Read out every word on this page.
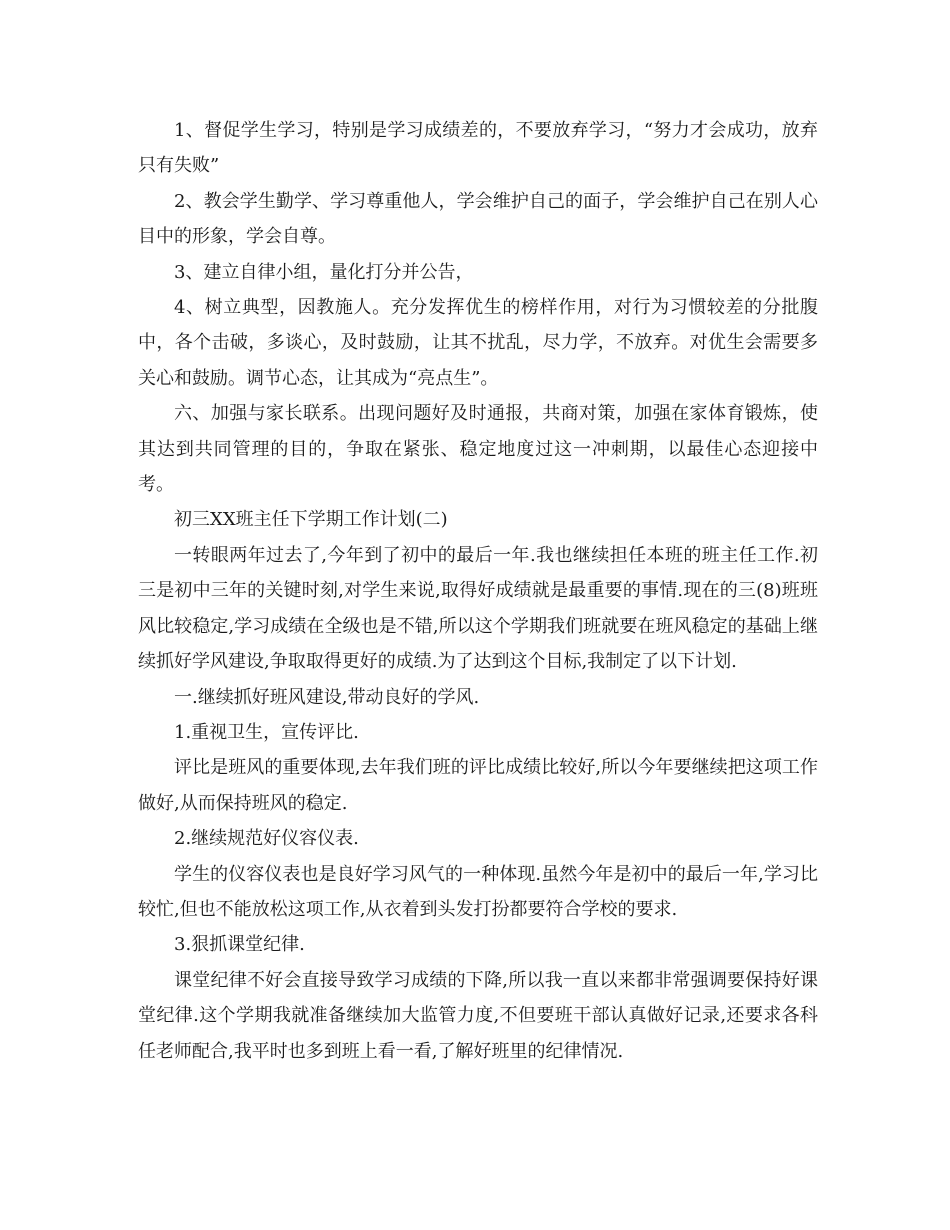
1、督促学生学习，特别是学习成绩差的，不要放弃学习，“努力才会成功，放弃只有失败”

2、教会学生勤学、学习尊重他人，学会维护自己的面子，学会维护自己在别人心目中的形象，学会自尊。

3、建立自律小组，量化打分并公告，

4、树立典型，因教施人。充分发挥优生的榜样作用，对行为习惯较差的分批腹中，各个击破，多谈心，及时鼓励，让其不扰乱，尽力学，不放弃。对优生会需要多关心和鼓励。调节心态，让其成为“亮点生”。

六、加强与家长联系。出现问题好及时通报，共商对策，加强在家体育锻炼，使其达到共同管理的目的，争取在紧张、稳定地度过这一冲刺期，以最佳心态迎接中考。

初三XX班主任下学期工作计划(二)

一转眼两年过去了,今年到了初中的最后一年.我也继续担任本班的班主任工作.初三是初中三年的关键时刻,对学生来说,取得好成绩就是最重要的事情.现在的三(8)班班风比较稳定,学习成绩在全级也是不错,所以这个学期我们班就要在班风稳定的基础上继续抓好学风建设,争取取得更好的成绩.为了达到这个目标,我制定了以下计划.

一.继续抓好班风建设,带动良好的学风.

1.重视卫生，宣传评比.

评比是班风的重要体现,去年我们班的评比成绩比较好,所以今年要继续把这项工作做好,从而保持班风的稳定.

2.继续规范好仪容仪表.

学生的仪容仪表也是良好学习风气的一种体现.虽然今年是初中的最后一年,学习比较忙,但也不能放松这项工作,从衣着到头发打扮都要符合学校的要求.

3.狠抓课堂纪律.

课堂纪律不好会直接导致学习成绩的下降,所以我一直以来都非常强调要保持好课堂纪律.这个学期我就准备继续加大监管力度,不但要班干部认真做好记录,还要求各科任老师配合,我平时也多到班上看一看,了解好班里的纪律情况.
